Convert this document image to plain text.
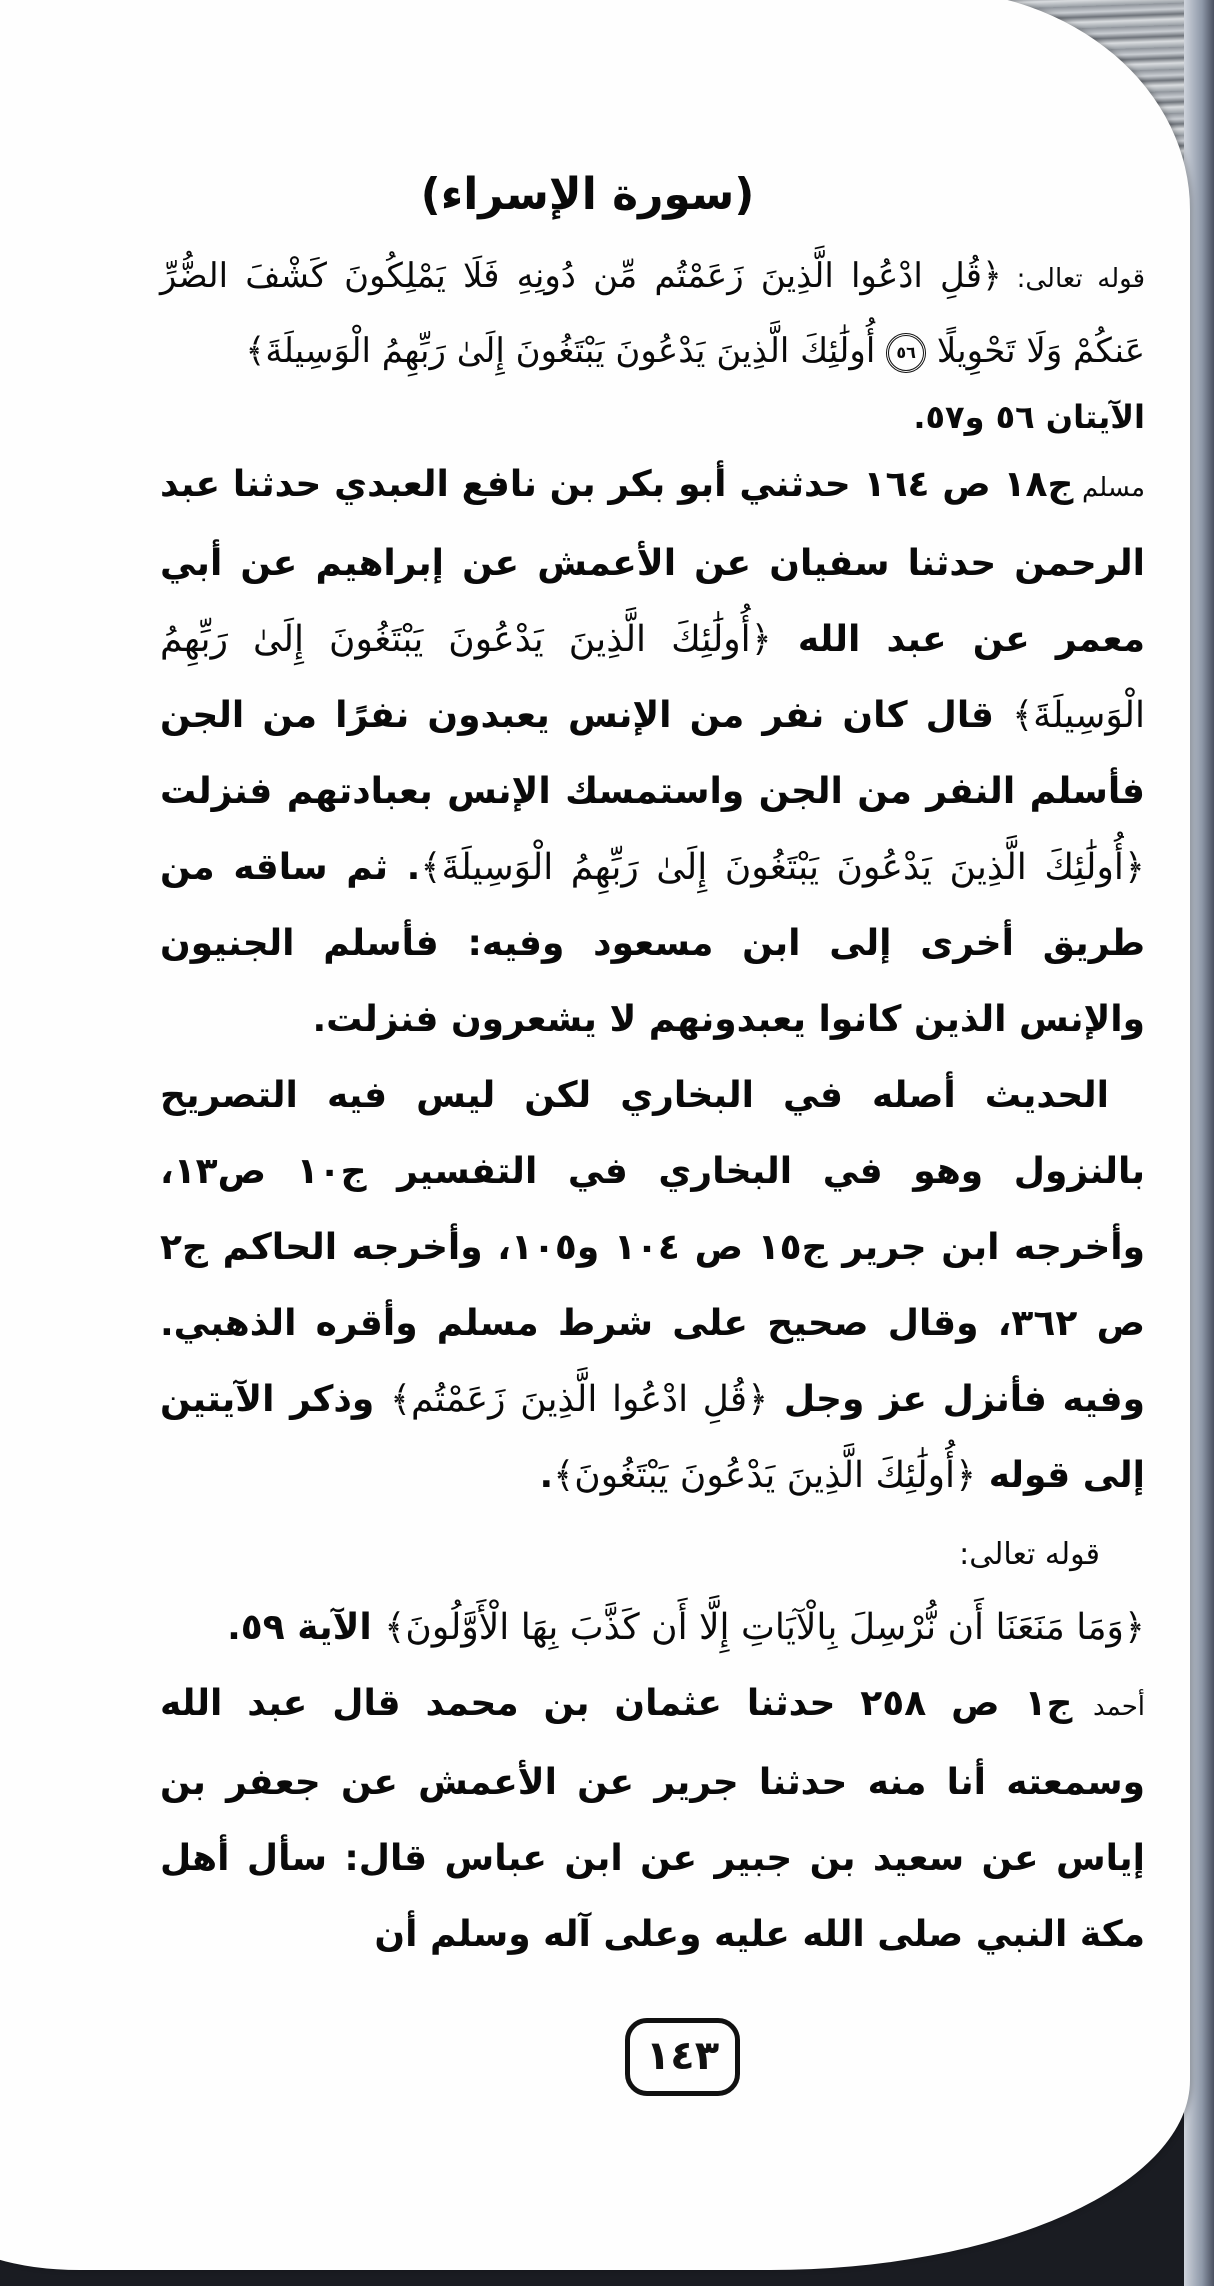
(سورة الإسراء)

قوله تعالى: ﴿قُلِ ادْعُوا الَّذِينَ زَعَمْتُم مِّن دُونِهِ فَلَا يَمْلِكُونَ كَشْفَ الضُّرِّ عَنكُمْ وَلَا تَحْوِيلًا ٥٦ أُولَٰئِكَ الَّذِينَ يَدْعُونَ يَبْتَغُونَ إِلَىٰ رَبِّهِمُ الْوَسِيلَةَ﴾

الآيتان ٥٦ و٥٧.

مسلم ج١٨ ص ١٦٤ حدثني أبو بكر بن نافع العبدي حدثنا عبد الرحمن حدثنا سفيان عن الأعمش عن إبراهيم عن أبي معمر عن عبد الله ﴿أُولَٰئِكَ الَّذِينَ يَدْعُونَ يَبْتَغُونَ إِلَىٰ رَبِّهِمُ الْوَسِيلَةَ﴾ قال كان نفر من الإنس يعبدون نفرًا من الجن فأسلم النفر من الجن واستمسك الإنس بعبادتهم فنزلت ﴿أُولَٰئِكَ الَّذِينَ يَدْعُونَ يَبْتَغُونَ إِلَىٰ رَبِّهِمُ الْوَسِيلَةَ﴾. ثم ساقه من طريق أخرى إلى ابن مسعود وفيه: فأسلم الجنيون والإنس الذين كانوا يعبدونهم لا يشعرون فنزلت.

الحديث أصله في البخاري لكن ليس فيه التصريح بالنزول وهو في البخاري في التفسير ج١٠ ص١٣، وأخرجه ابن جرير ج١٥ ص ١٠٤ و١٠٥، وأخرجه الحاكم ج٢ ص ٣٦٢، وقال صحيح على شرط مسلم وأقره الذهبي. وفيه فأنزل عز وجل ﴿قُلِ ادْعُوا الَّذِينَ زَعَمْتُم﴾ وذكر الآيتين إلى قوله ﴿أُولَٰئِكَ الَّذِينَ يَدْعُونَ يَبْتَغُونَ﴾.

قوله تعالى:

﴿وَمَا مَنَعَنَا أَن نُّرْسِلَ بِالْآيَاتِ إِلَّا أَن كَذَّبَ بِهَا الْأَوَّلُونَ﴾ الآية ٥٩.

أحمد ج١ ص ٢٥٨ حدثنا عثمان بن محمد قال عبد الله وسمعته أنا منه حدثنا جرير عن الأعمش عن جعفر بن إياس عن سعيد بن جبير عن ابن عباس قال: سأل أهل مكة النبي صلى الله عليه وعلى آله وسلم أن

١٤٣
